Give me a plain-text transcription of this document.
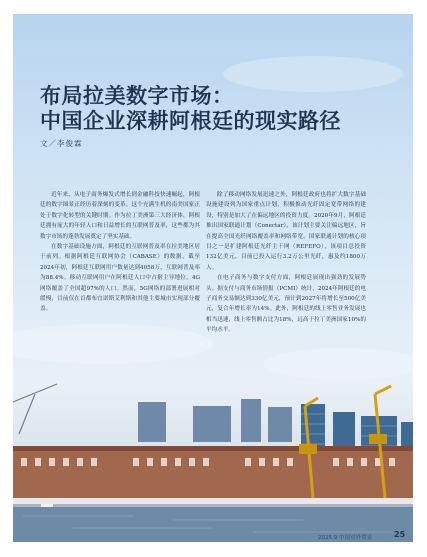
布局拉美数字市场：
中国企业深耕阿根廷的现实路径
文／李俊霖

近年来，从电子商务爆发式增长到金融科技快速崛起，阿根廷的数字图景正经历着深刻的变革。这个充满生机的南美国家正处于数字化转型的关键时期。作为拉丁美洲第三大经济体，阿根廷拥有庞大的年轻人口和日益增长的互联网普及率，这些都为其数字市场的蓬勃发展奠定了坚实基础。

在数字基础设施方面，阿根廷的互联网普及率在拉美地区居于前列。根据阿根廷互联网协会（CABASE）的数据，截至2024年初，阿根廷互联网用户数量达到4058万，互联网普及率为88.4%。移动互联网用户在阿根廷人口中占据主导地位，4G网络覆盖了全国超97%的人口。然而，5G网络的部署进展相对缓慢，目前仅在首都布宜诺斯艾利斯和其他主要城市实现部分覆盖。

除了移动网络发展迅速之外，阿根廷政府也将扩大数字基础设施建设列为国家重点计划，积极推动光纤固定宽带网络的建设，特别是加大了在偏远地区的投资力度。2020年9月，阿根廷推出国家联通计划（Conectar），该计划主要关注偏远地区，旨在提高全国光纤网络覆盖率和网络带宽。国家联通计划的核心项目之一是扩建阿根廷光纤主干网（REFEFO），该项目总投资132亿美元，目前已投入运行3.2万公里光纤，惠及约1800万人。

在电子商务与数字支付方面，阿根廷展现出强劲的发展势头。据支付与商务市场情报（PCMI）统计，2024年阿根廷的电子商务交易额达到330亿美元，预计到2027年将增长至500亿美元，复合年增长率为14%。此外，阿根廷的线上零售业务发展也相当迅速，线上零售额占比为18%，远高于拉丁美洲国家10%的平均水平。

2025.9 中国对外贸易	25
